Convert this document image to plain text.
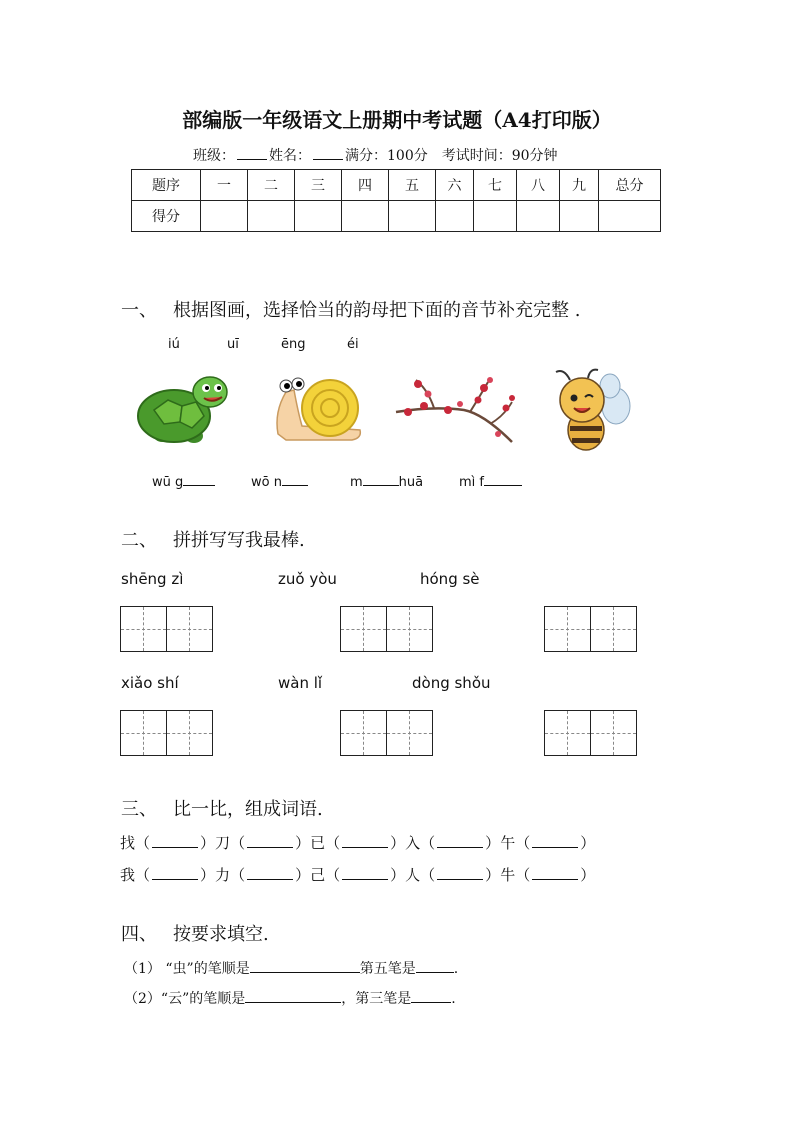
部编版一年级语文上册期中考试题（A4打印版）
班级： 姓名： 满分：100分 考试时间：90分钟
题序	一	二	三	四	五	六	七	八	九	总分
得分										
一、 根据图画，选择恰当的韵母把下面的音节补充完整 .
iú	uī	ēng	éi
wū g	wō n	m	huā	mì f
二、 拼拼写写我最棒.
shēng zì	zuǒ yòu	hóng sè
xiǎo shí	wàn lǐ	dòng shǒu
三、 比一比，组成词语.
找（	）刀（	）已（	）入（	）午（	）
我（	）力（	）己（	）人（	）牛（	）
四、 按要求填空.
（1） “虫”的笔顺是	第五笔是	.
（2）“云”的笔顺是	，第三笔是	.
